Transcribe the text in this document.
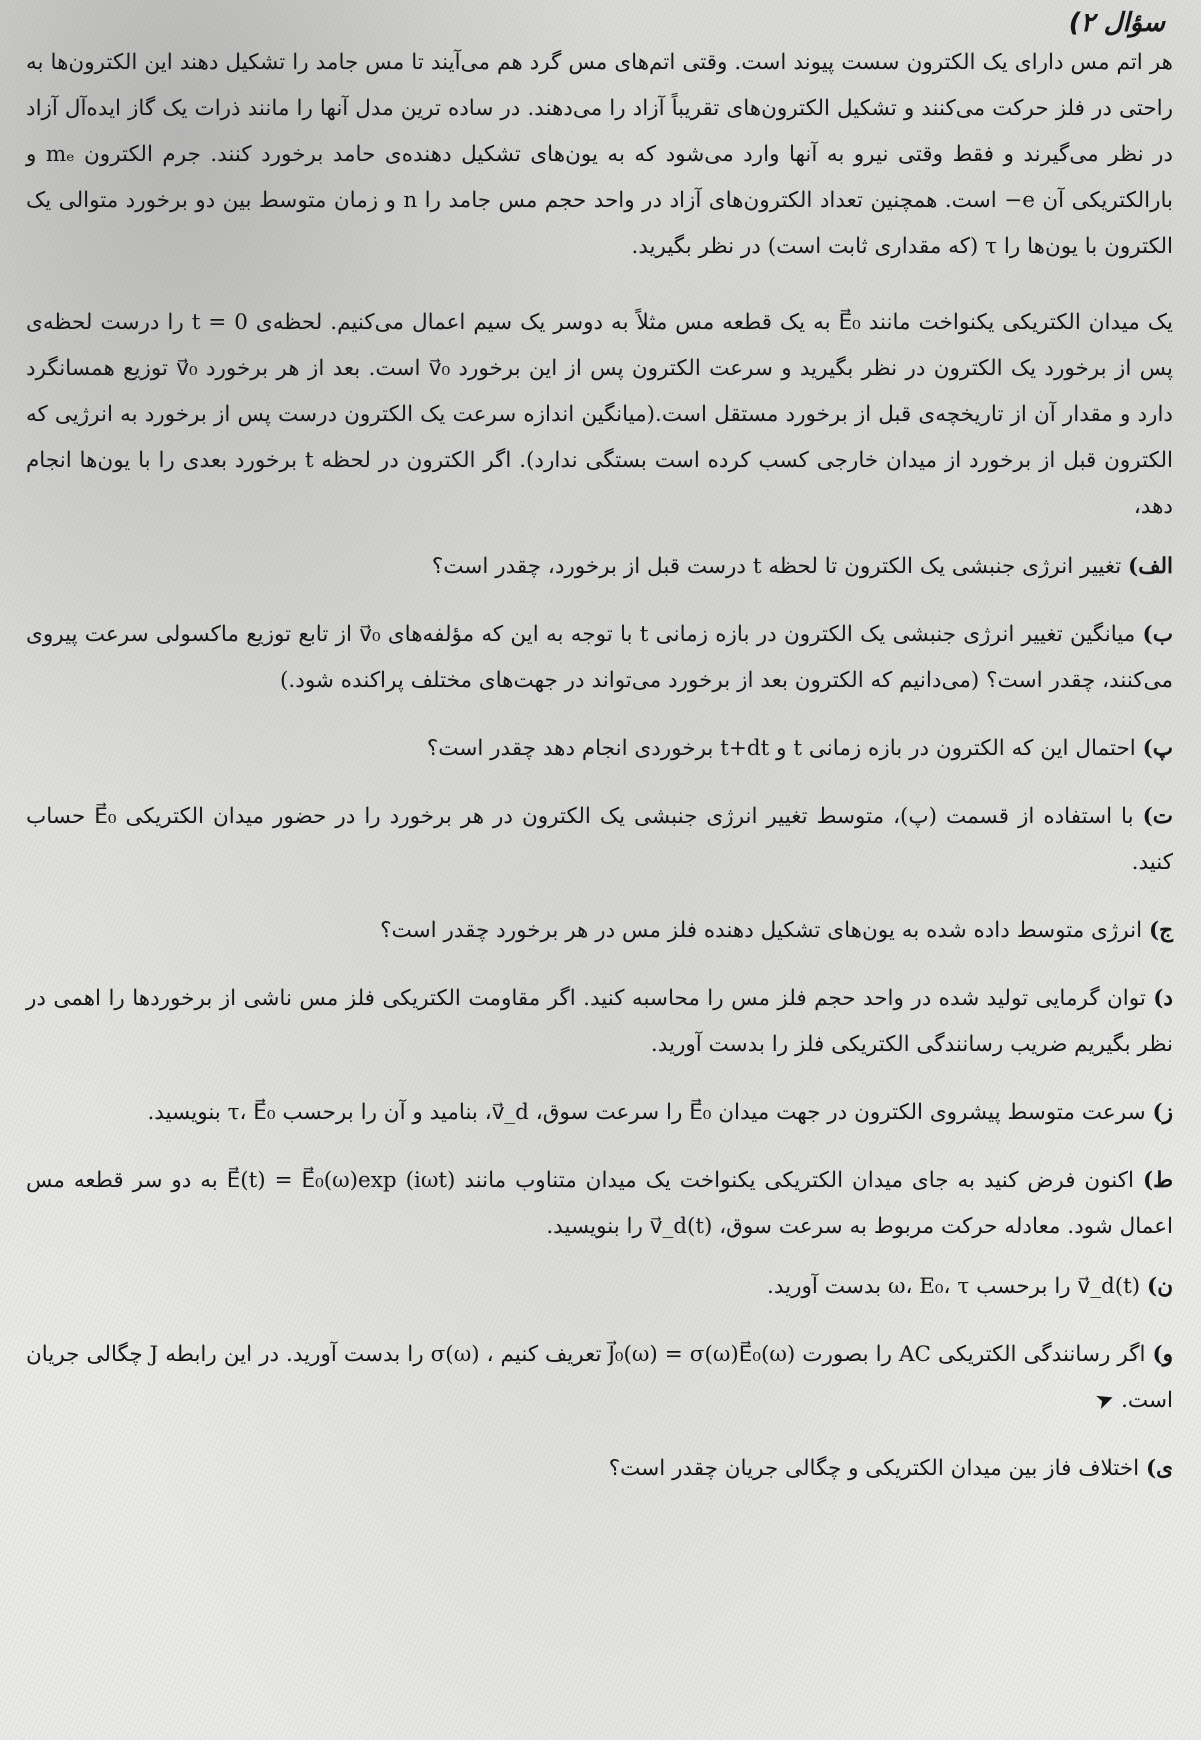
سؤال ۲)

هر اتم مس دارای یک الکترون سست پیوند است. وقتی اتم‌های مس گرد هم می‌آیند تا مس جامد را تشکیل دهند این الکترون‌ها به راحتی در فلز حرکت می‌کنند و تشکیل الکترون‌های تقریباً آزاد را می‌دهند. در ساده ترین مدل آنها را مانند ذرات یک گاز ایده‌آل آزاد در نظر می‌گیرند و فقط وقتی نیرو به آنها وارد می‌شود که به یون‌های تشکیل دهنده‌ی حامد برخورد کنند. جرم الکترون mₑ و بارالکتریکی آن e− است. همچنین تعداد الکترون‌های آزاد در واحد حجم مس جامد را n و زمان متوسط بین دو برخورد متوالی یک الکترون با یون‌ها را τ (که مقداری ثابت است) در نظر بگیرید.

یک میدان الکتریکی یکنواخت مانند E⃗₀ به یک قطعه مس مثلاً به دوسر یک سیم اعمال می‌کنیم. لحظه‌ی t = 0 را درست لحظه‌ی پس از برخورد یک الکترون در نظر بگیرید و سرعت الکترون پس از این برخورد v⃗₀ است. بعد از هر برخورد v⃗₀ توزیع همسانگرد دارد و مقدار آن از تاریخچه‌ی قبل از برخورد مستقل است.(میانگین اندازه سرعت یک الکترون درست پس از برخورد به انرژیی که الکترون قبل از برخورد از میدان خارجی کسب کرده است بستگی ندارد). اگر الکترون در لحظه t برخورد بعدی را با یون‌ها انجام دهد،

الف) تغییر انرژی جنبشی یک الکترون تا لحظه t درست قبل از برخورد، چقدر است؟

ب) میانگین تغییر انرژی جنبشی یک الکترون در بازه زمانی t با توجه به این که مؤلفه‌های v⃗₀ از تابع توزیع ماکسولی سرعت پیروی می‌کنند، چقدر است؟ (می‌دانیم که الکترون بعد از برخورد می‌تواند در جهت‌های مختلف پراکنده شود.)

پ) احتمال این که الکترون در بازه زمانی t و t+dt برخوردی انجام دهد چقدر است؟

ت) با استفاده از قسمت (پ)، متوسط تغییر انرژی جنبشی یک الکترون در هر برخورد را در حضور میدان الکتریکی E⃗₀ حساب کنید.

ج) انرژی متوسط داده شده به یون‌های تشکیل دهنده فلز مس در هر برخورد چقدر است؟

د) توان گرمایی تولید شده در واحد حجم فلز مس را محاسبه کنید. اگر مقاومت الکتریکی فلز مس ناشی از برخوردها را اهمی در نظر بگیریم ضریب رسانندگی الکتریکی فلز را بدست آورید.

ز) سرعت متوسط پیشروی الکترون در جهت میدان E⃗₀ را سرعت سوق، v⃗_d، بنامید و آن را برحسب τ، E⃗₀ بنویسید.

ط) اکنون فرض کنید به جای میدان الکتریکی یکنواخت یک میدان متناوب مانند E⃗(t) = E⃗₀(ω)exp (iωt) به دو سر قطعه مس اعمال شود. معادله حرکت مربوط به سرعت سوق، v⃗_d(t) را بنویسید.

ن) v⃗_d(t) را برحسب ω، E₀، τ بدست آورید.

و) اگر رسانندگی الکتریکی AC را بصورت J⃗₀(ω) = σ(ω)E⃗₀(ω) تعریف کنیم ، σ(ω) را بدست آورید. در این رابطه J چگالی جریان است. ➤

ی) اختلاف فاز بین میدان الکتریکی و چگالی جریان چقدر است؟
